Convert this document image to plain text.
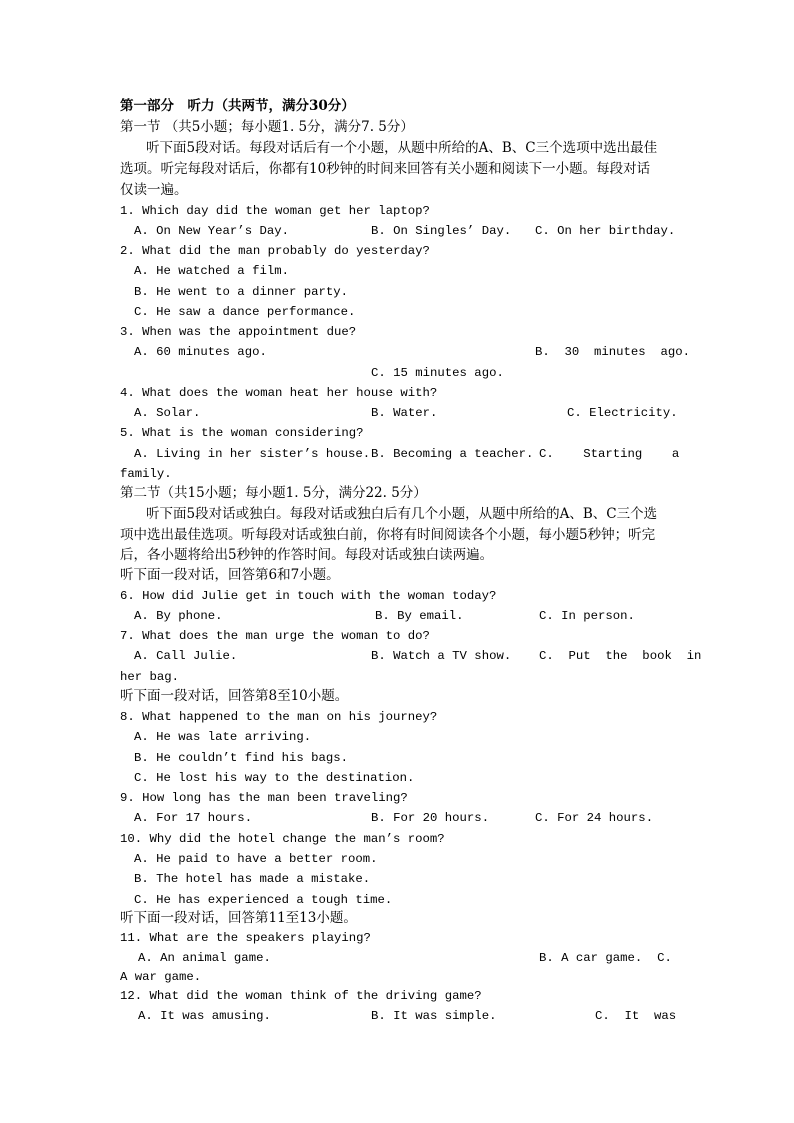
第一部分　听力（共两节，满分30分）
第一节 （共5小题；每小题1. 5分，满分7. 5分）
听下面5段对话。每段对话后有一个小题，从题中所给的A、B、C三个选项中选出最佳
选项。听完每段对话后，你都有10秒钟的时间来回答有关小题和阅读下一小题。每段对话
仅读一遍。
1. Which day did the woman get her laptop?
A. On New Year’s Day.	B. On Singles’ Day. C. On her birthday.
2. What did the man probably do yesterday?
A. He watched a film.
B. He went to a dinner party.
C. He saw a dance performance.
3. When was the appointment due?
A. 60 minutes ago.	B.  30  minutes  ago.
C. 15 minutes ago.
4. What does the woman heat her house with?
A. Solar.	B. Water.	C. Electricity.
5. What is the woman considering?
A. Living in her sister’s house. B. Becoming a teacher. C.    Starting    a
family.
第二节（共15小题；每小题1. 5分，满分22. 5分）
听下面5段对话或独白。每段对话或独白后有几个小题，从题中所给的A、B、C三个选
项中选出最佳选项。听每段对话或独白前，你将有时间阅读各个小题，每小题5秒钟；听完
后，各小题将给出5秒钟的作答时间。每段对话或独白读两遍。
听下面一段对话，回答第6和7小题。
6. How did Julie get in touch with the woman today?
A. By phone.	B. By email.	C. In person.
7. What does the man urge the woman to do?
A. Call Julie.	B. Watch a TV show. C.  Put  the  book  in
her bag.
听下面一段对话，回答第8至10小题。
8. What happened to the man on his journey?
A. He was late arriving.
B. He couldn’t find his bags.
C. He lost his way to the destination.
9. How long has the man been traveling?
A. For 17 hours.	B. For 20 hours.	C. For 24 hours.
10. Why did the hotel change the man’s room?
A. He paid to have a better room.
B. The hotel has made a mistake.
C. He has experienced a tough time.
听下面一段对话，回答第11至13小题。
11. What are the speakers playing?
A. An animal game.	B. A car game.  C.
A war game.
12. What did the woman think of the driving game?
A. It was amusing.	B. It was simple.	C.  It  was
